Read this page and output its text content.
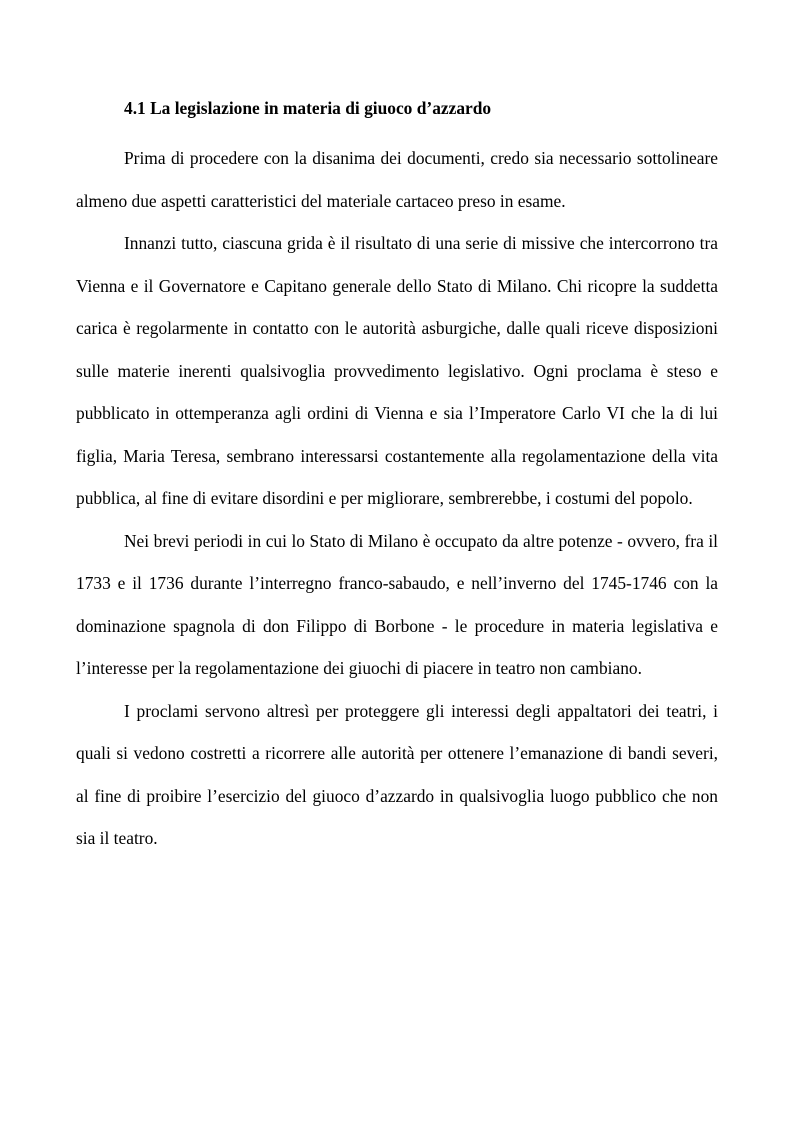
4.1 La legislazione in materia di giuoco d’azzardo

Prima di procedere con la disanima dei documenti, credo sia necessario sottolineare almeno due aspetti caratteristici del materiale cartaceo preso in esame.

Innanzi tutto, ciascuna grida è il risultato di una serie di missive che intercorrono tra Vienna e il Governatore e Capitano generale dello Stato di Milano. Chi ricopre la suddetta carica è regolarmente in contatto con le autorità asburgiche, dalle quali riceve disposizioni sulle materie inerenti qualsivoglia provvedimento legislativo. Ogni proclama è steso e pubblicato in ottemperanza agli ordini di Vienna e sia l’Imperatore Carlo VI che la di lui figlia, Maria Teresa, sembrano interessarsi costantemente alla regolamentazione della vita pubblica, al fine di evitare disordini e per migliorare, sembrerebbe, i costumi del popolo.

Nei brevi periodi in cui lo Stato di Milano è occupato da altre potenze - ovvero, fra il 1733 e il 1736 durante l’interregno franco-sabaudo, e nell’inverno del 1745-1746 con la dominazione spagnola di don Filippo di Borbone - le procedure in materia legislativa e l’interesse per la regolamentazione dei giuochi di piacere in teatro non cambiano.

I proclami servono altresì per proteggere gli interessi degli appaltatori dei teatri, i quali si vedono costretti a ricorrere alle autorità per ottenere l’emanazione di bandi severi, al fine di proibire l’esercizio del giuoco d’azzardo in qualsivoglia luogo pubblico che non sia il teatro.
